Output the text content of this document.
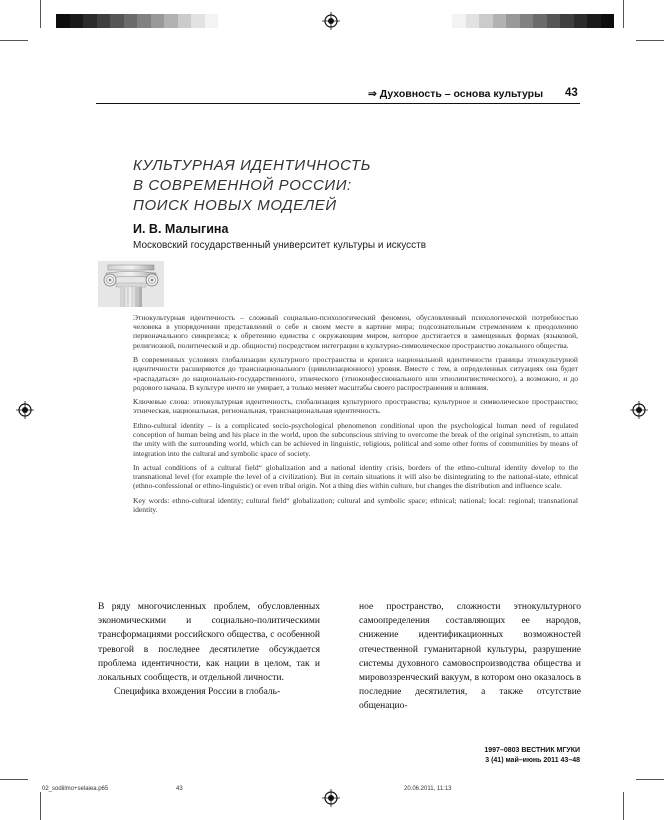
⇒ Духовность – основа культуры 43
КУЛЬТУРНАЯ ИДЕНТИЧНОСТЬ
В СОВРЕМЕННОЙ РОССИИ:
ПОИСК НОВЫХ МОДЕЛЕЙ
И. В. Малыгина
Московский государственный университет культуры и искусств

Этнокультурная идентичность – сложный социально-психологический феномен, обусловленный психологической потребностью человека в упорядочении представлений о себе и своем месте в картине мира; подсознательным стремлением к преодолению первоначального синкрезиса; к обретению единства с окружающим миром, которое достигается в замещенных формах (языковой, религиозной, политической и др. общности) посредством интеграции в культурно-символическое пространство локального общества.

В современных условиях глобализации культурного пространства и кризиса национальной идентичности границы этнокультурной идентичности расширяются до транснационального (цивилизационного) уровня. Вместе с тем, в определенных ситуациях она будет «распадаться» до национально-государственного, этнического (этноконфессионального или этнолингвистического), а возможно, и до родового начала. В культуре ничто не умирает, а только меняет масштабы своего распространения и влияния.

Ключевые слова: этнокультурная идентичность, глобализация культурного пространства; культурное и символическое пространство; этническая, национальная, региональная, транснациональная идентичность.

Ethno-cultural identity – is a complicated socio-psychological phenomenon conditional upon the psychological human need of regulated conception of human being and his place in the world, upon the subconscious striving to overcome the break of the original syncretism, to attain the unity with the surrounding world, which can be achieved in linguistic, religious, political and some other forms of communities by means of integration into the cultural and symbolic space of society.

In actual conditions of a cultural field“ globalization and a national identity crisis, borders of the ethno-cultural identity develop to the transnational level (for example the level of a civilization). But in certain situations it will also be disintegrating to the national-state, ethnical (ethno-confessional or ethno-linguistic) or even tribal origin. Not a thing dies within culture, but changes the distribution and influence scale.

Key words: ethno-cultural identity; cultural field“ globalization; cultural and symbolic space; ethnical; national; local: regional; transnational identity.

В ряду многочисленных проблем, обусловленных экономическими и социально-политическими трансформациями российского общества, с особенной тревогой в последнее десятилетие обсуждается проблема идентичности, как нации в целом, так и локальных сообществ, и отдельной личности.

Специфика вхождения России в глобаль-

ное пространство, сложности этнокультурного самоопределения составляющих ее народов, снижение идентификационных возможностей отечественной гуманитарной культуры, разрушение системы духовного самовоспроизводства общества и мировоззренческий вакуум, в котором оно оказалось в последние десятилетия, а также отсутствие общенацио-

1997–0803 ВЕСТНИК МГУКИ
3 (41) май–июнь 2011 43–48
02_sodiilmo+selaiea.p65	43	20.06.2011, 11:13
